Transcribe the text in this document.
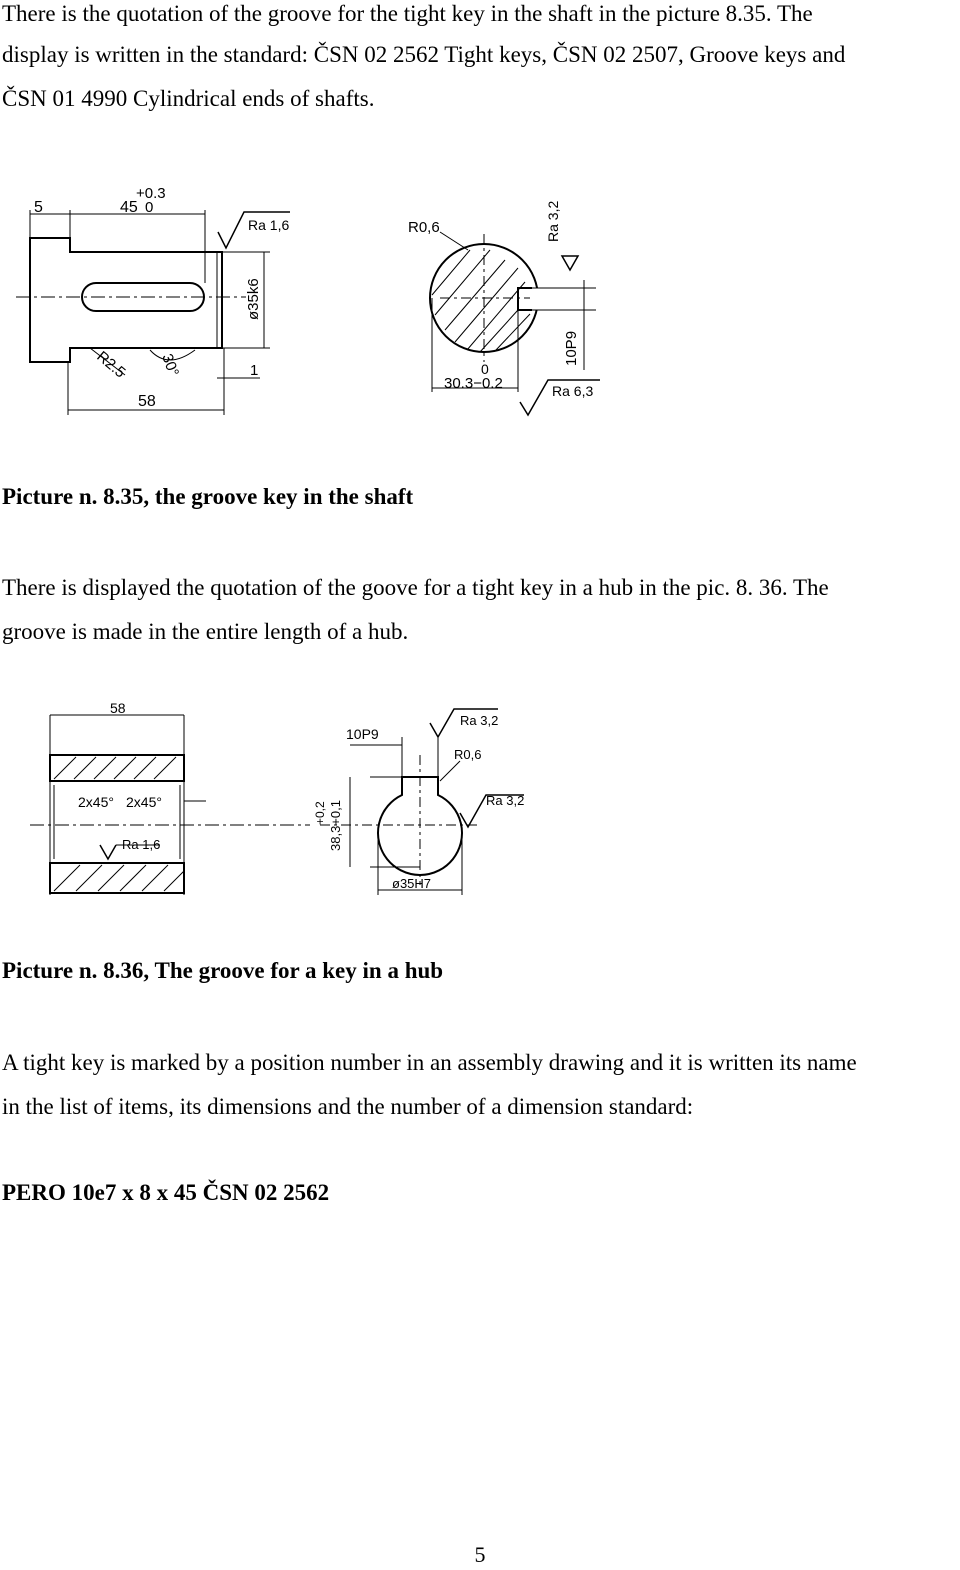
There is the quotation of the groove for the tight key in the shaft in the picture 8.35. The

display is written in the standard: ČSN 02 2562 Tight keys, ČSN 02 2507, Groove keys and

ČSN 01 4990 Cylindrical ends of shafts.

5
+0.3
45 0
Ra 1,6
ø35k6
R2.5 30°	1
58
R0,6	Ra 3,2
10P9
0
30.3−0.2	Ra 6,3

Picture n. 8.35, the groove key in the shaft

There is displayed the quotation of the goove for a tight key in a hub in the pic. 8. 36. The

groove is made in the entire length of a hub.

58
2x45° 2x45°
Ra 1,6
10P9
Ra 3,2
R0,6
Ra 3,2
+0,2 38,3+0,1
ø35H7

Picture n. 8.36, The groove for a key in a hub

A tight key is marked by a position number in an assembly drawing and it is written its name

in the list of items, its dimensions and the number of a dimension standard:

PERO 10e7 x 8 x 45 ČSN 02 2562

5
